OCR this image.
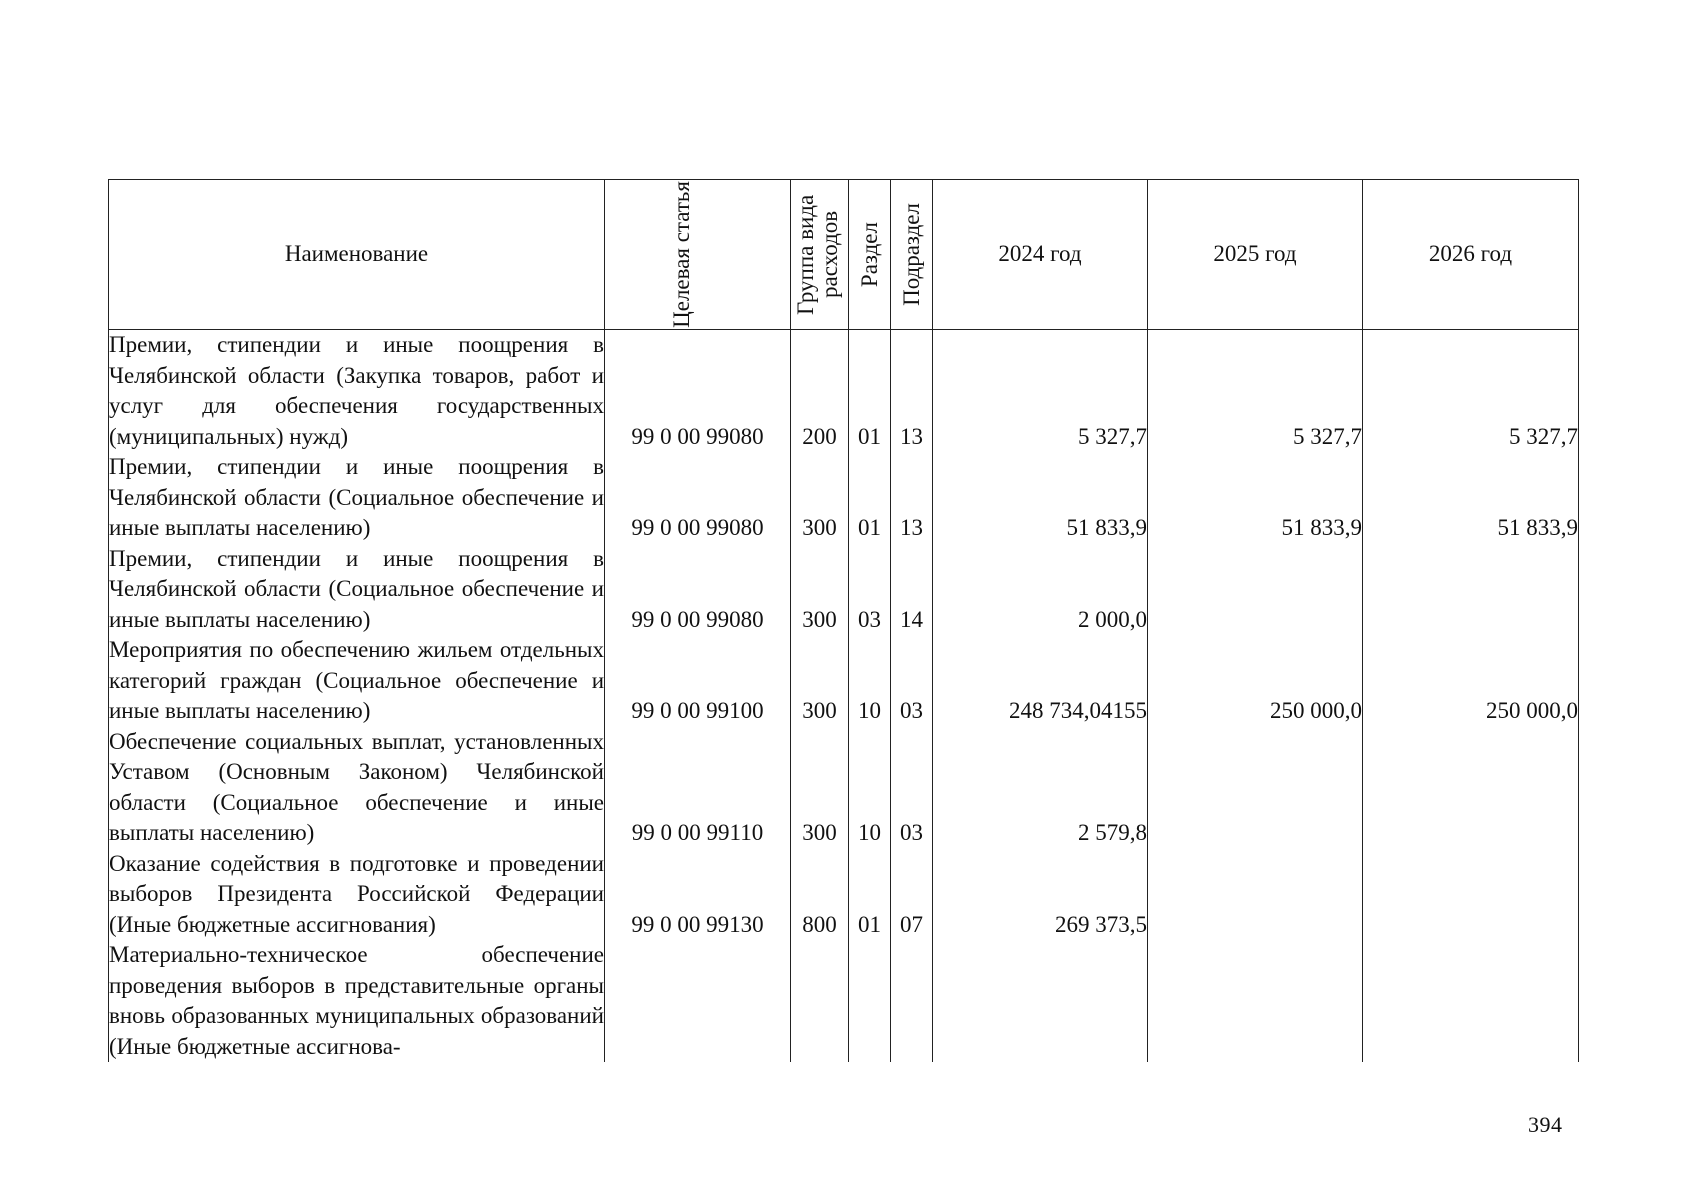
Наименование	Целевая статья	Группа вида расходов	Раздел	Подраздел	2024 год	2025 год	2026 год
Премии, стипендии и иные поощрения в Челябинской области (Закупка товаров, работ и услуг для обеспечения государственных (муниципальных) нужд)	99 0 00 99080	200	01	13	5 327,7	5 327,7	5 327,7
Премии, стипендии и иные поощрения в Челябинской области (Социальное обеспечение и иные выплаты населению)	99 0 00 99080	300	01	13	51 833,9	51 833,9	51 833,9
Премии, стипендии и иные поощрения в Челябинской области (Социальное обеспечение и иные выплаты населению)	99 0 00 99080	300	03	14	2 000,0		
Мероприятия по обеспечению жильем отдельных категорий граждан (Социальное обеспечение и иные выплаты населению)	99 0 00 99100	300	10	03	248 734,04155	250 000,0	250 000,0
Обеспечение социальных выплат, установленных Уставом (Основным Законом) Челябинской области (Социальное обеспечение и иные выплаты населению)	99 0 00 99110	300	10	03	2 579,8		
Оказание содействия в подготовке и проведении выборов Президента Российской Федерации (Иные бюджетные ассигнования)	99 0 00 99130	800	01	07	269 373,5		
Материально-техническое обеспечение проведения выборов в представительные органы вновь образованных муниципальных образований (Иные бюджетные ассигнова-							
394
